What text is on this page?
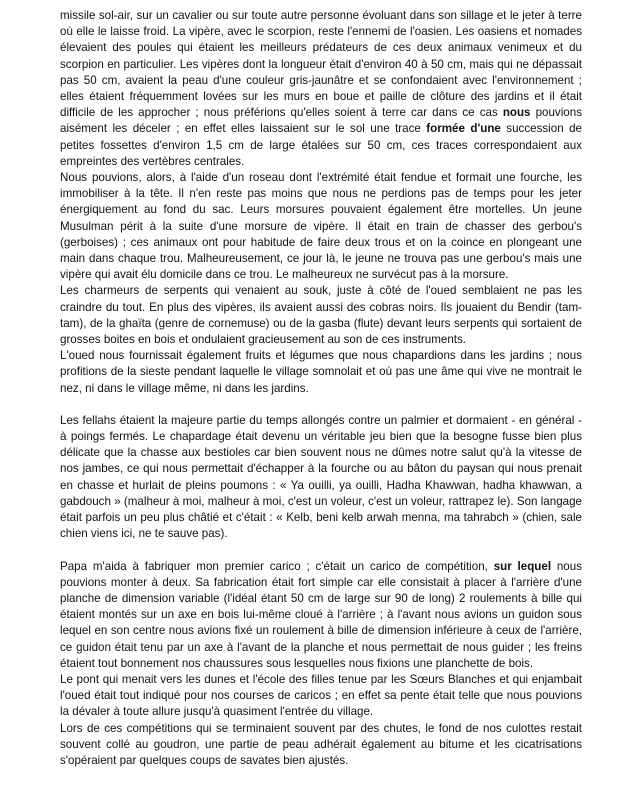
missile sol-air, sur un cavalier ou sur toute autre personne évoluant dans son sillage et le jeter à terre où elle le laisse froid. La vipère, avec le scorpion, reste l'ennemi de l'oasien. Les oasiens et nomades élevaient des poules qui étaient les meilleurs prédateurs de ces deux animaux venimeux et du scorpion en particulier. Les vipères dont la longueur était d'environ 40 à 50 cm, mais qui ne dépassait pas 50 cm, avaient la peau d'une couleur gris-jaunâtre et se confondaient avec l'environnement ; elles étaient fréquemment lovées sur les murs en boue et paille de clôture des jardins et il était difficile de les approcher ; nous préférions qu'elles soient à terre car dans ce cas nous pouvions aisément les déceler ; en effet elles laissaient sur le sol une trace formée d'une succession de petites fossettes d'environ 1,5 cm de large étalées sur 50 cm, ces traces correspondaient aux empreintes des vertèbres centrales.

Nous pouvions, alors, à l'aide d'un roseau dont l'extrémité était fendue et formait une fourche, les immobiliser à la tête. Il n'en reste pas moins que nous ne perdions pas de temps pour les jeter énergiquement au fond du sac. Leurs morsures pouvaient également être mortelles. Un jeune Musulman périt à la suite d'une morsure de vipère. Il était en train de chasser des gerbou's (gerboises) ; ces animaux ont pour habitude de faire deux trous et on la coince en plongeant une main dans chaque trou. Malheureusement, ce jour là, le jeune ne trouva pas une gerbou's mais une vipère qui avait élu domicile dans ce trou. Le malheureux ne survécut pas à la morsure.

Les charmeurs de serpents qui venaient au souk, juste à côté de l'oued semblaient ne pas les craindre du tout. En plus des vipères, ils avaient aussi des cobras noirs. Ils jouaient du Bendir (tam-tam), de la ghaïta (genre de cornemuse) ou de la gasba (flute) devant leurs serpents qui sortaient de grosses boites en bois et ondulaient gracieusement au son de ces instruments.

L'oued nous fournissait également fruits et légumes que nous chapardions dans les jardins ; nous profitions de la sieste pendant laquelle le village somnolait et où pas une âme qui vive ne montrait le nez, ni dans le village même, ni dans les jardins.

Les fellahs étaient la majeure partie du temps allongés contre un palmier et dormaient - en général - à poings fermés. Le chapardage était devenu un véritable jeu bien que la besogne fusse bien plus délicate que la chasse aux bestioles car bien souvent nous ne dûmes notre salut qu'à la vitesse de nos jambes, ce qui nous permettait d'échapper à la fourche ou au bâton du paysan qui nous prenait en chasse et hurlait de pleins poumons : « Ya ouilli, ya ouilli, Hadha Khawwan, hadha khawwan, a gabdouch » (malheur à moi, malheur à moi, c'est un voleur, c'est un voleur, rattrapez le). Son langage était parfois un peu plus châtié et c'était : « Kelb, beni kelb arwah menna, ma tahrabch » (chien, sale chien viens ici, ne te sauve pas).

Papa m'aida à fabriquer mon premier carico ; c'était un carico de compétition, sur lequel nous pouvions monter à deux. Sa fabrication était fort simple car elle consistait à placer à l'arrière d'une planche de dimension variable (l'idéal étant 50 cm de large sur 90 de long) 2 roulements à bille qui étaient montés sur un axe en bois lui-même cloué à l'arrière ; à l'avant nous avions un guidon sous lequel en son centre nous avions fixé un roulement à bille de dimension inférieure à ceux de l'arrière, ce guidon était tenu par un axe à l'avant de la planche et nous permettait de nous guider ; les freins étaient tout bonnement nos chaussures sous lesquelles nous fixions une planchette de bois.

Le pont qui menait vers les dunes et l'école des filles tenue par les Sœurs Blanches et qui enjambait l'oued était tout indiqué pour nos courses de caricos ; en effet sa pente était telle que nous pouvions la dévaler à toute allure jusqu'à quasiment l'entrée du village.

Lors de ces compétitions qui se terminaient souvent par des chutes, le fond de nos culottes restait souvent collé au goudron, une partie de peau adhérait également au bitume et les cicatrisations s'opéraient par quelques coups de savates bien ajustés.
